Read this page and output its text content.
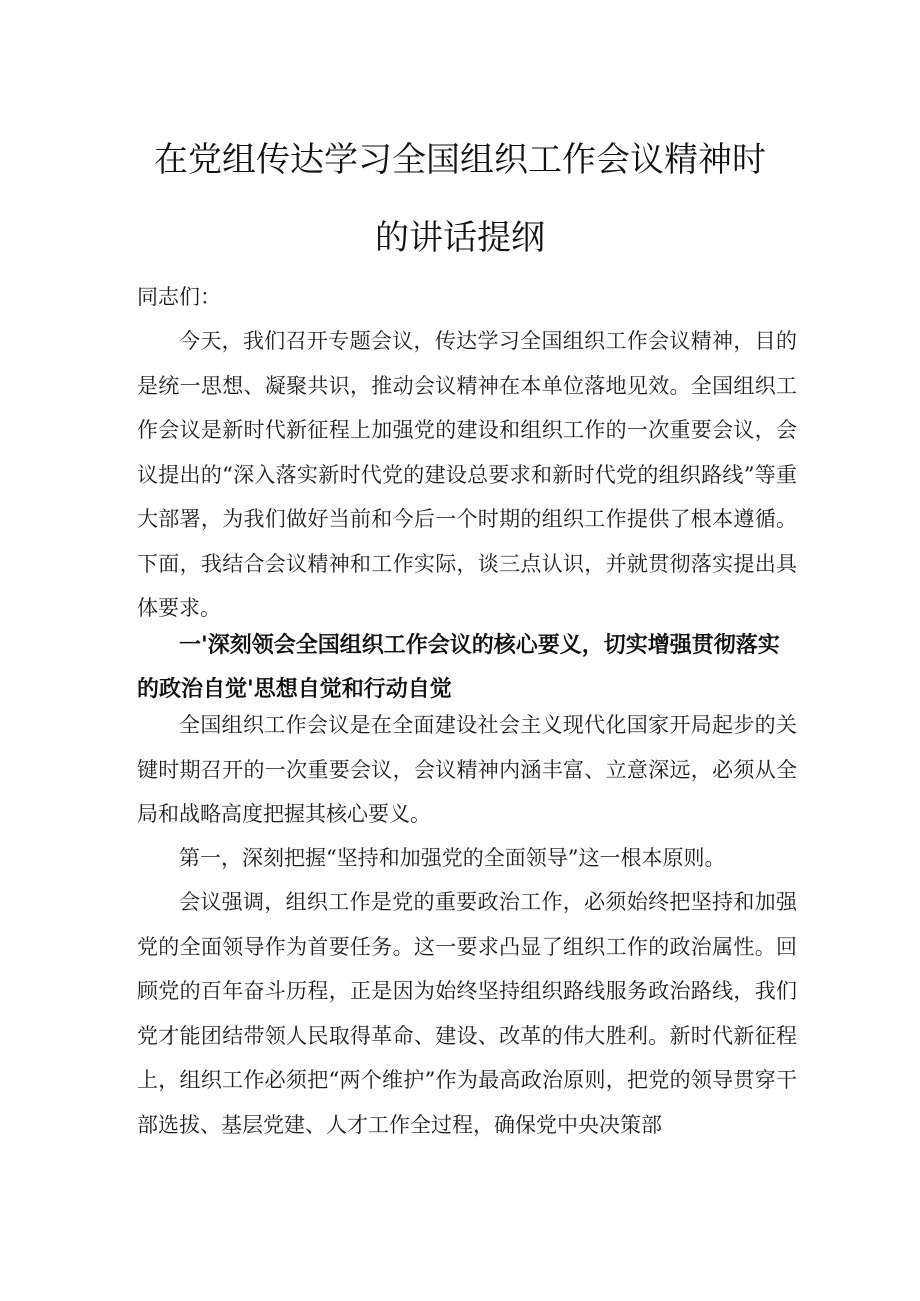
在党组传达学习全国组织工作会议精神时
的讲话提纲

同志们：

今天，我们召开专题会议，传达学习全国组织工作会议精神，目的是统一思想、凝聚共识，推动会议精神在本单位落地见效。全国组织工作会议是新时代新征程上加强党的建设和组织工作的一次重要会议，会议提出的“深入落实新时代党的建设总要求和新时代党的组织路线”等重大部署，为我们做好当前和今后一个时期的组织工作提供了根本遵循。下面，我结合会议精神和工作实际，谈三点认识，并就贯彻落实提出具体要求。

一'深刻领会全国组织工作会议的核心要义，切实增强贯彻落实的政治自觉'思想自觉和行动自觉

全国组织工作会议是在全面建设社会主义现代化国家开局起步的关键时期召开的一次重要会议，会议精神内涵丰富、立意深远，必须从全局和战略高度把握其核心要义。

第一，深刻把握“坚持和加强党的全面领导”这一根本原则。

会议强调，组织工作是党的重要政治工作，必须始终把坚持和加强党的全面领导作为首要任务。这一要求凸显了组织工作的政治属性。回顾党的百年奋斗历程，正是因为始终坚持组织路线服务政治路线，我们党才能团结带领人民取得革命、建设、改革的伟大胜利。新时代新征程上，组织工作必须把“两个维护”作为最高政治原则，把党的领导贯穿干部选拔、基层党建、人才工作全过程，确保党中央决策部
